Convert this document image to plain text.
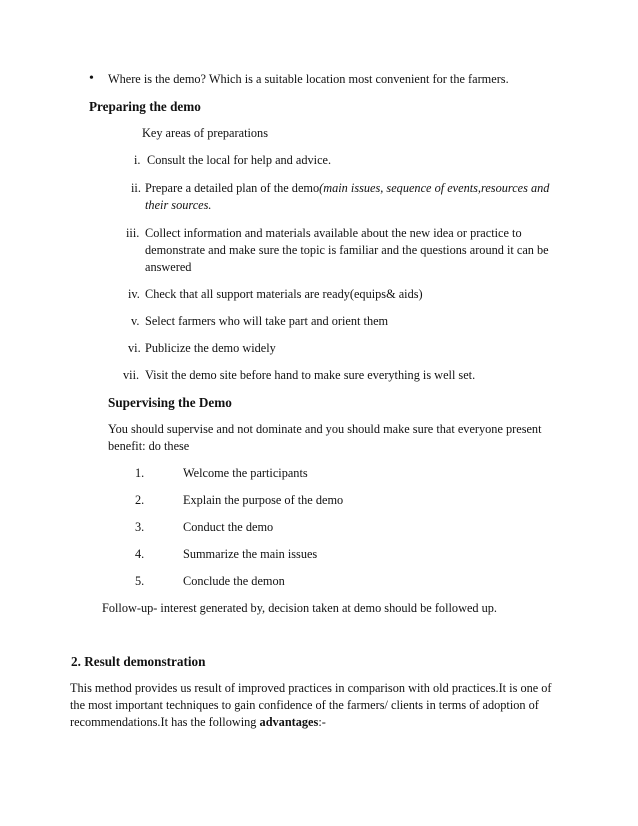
• Where is the demo? Which is a suitable location most convenient for the farmers.
Preparing the demo
Key areas of preparations
i. Consult the local for help and advice.
ii. Prepare a detailed plan of the demo(main issues, sequence of events,resources and
their sources.
iii. Collect information and materials available about the new idea or practice to
demonstrate and make sure the topic is familiar and the questions around it can be
answered
iv. Check that all support materials are ready(equips& aids)
v. Select farmers who will take part and orient them
vi. Publicize the demo widely
vii. Visit the demo site before hand to make sure everything is well set.
Supervising the Demo
You should supervise and not dominate and you should make sure that everyone present
benefit: do these
1.	Welcome the participants
2.	Explain the purpose of the demo
3.	Conduct the demo
4.	Summarize the main issues
5.	Conclude the demon
Follow-up- interest generated by, decision taken at demo should be followed up.
2. Result demonstration
This method provides us result of improved practices in comparison with old practices.It is one of
the most important techniques to gain confidence of the farmers/ clients in terms of adoption of
recommendations.It has the following advantages:-
